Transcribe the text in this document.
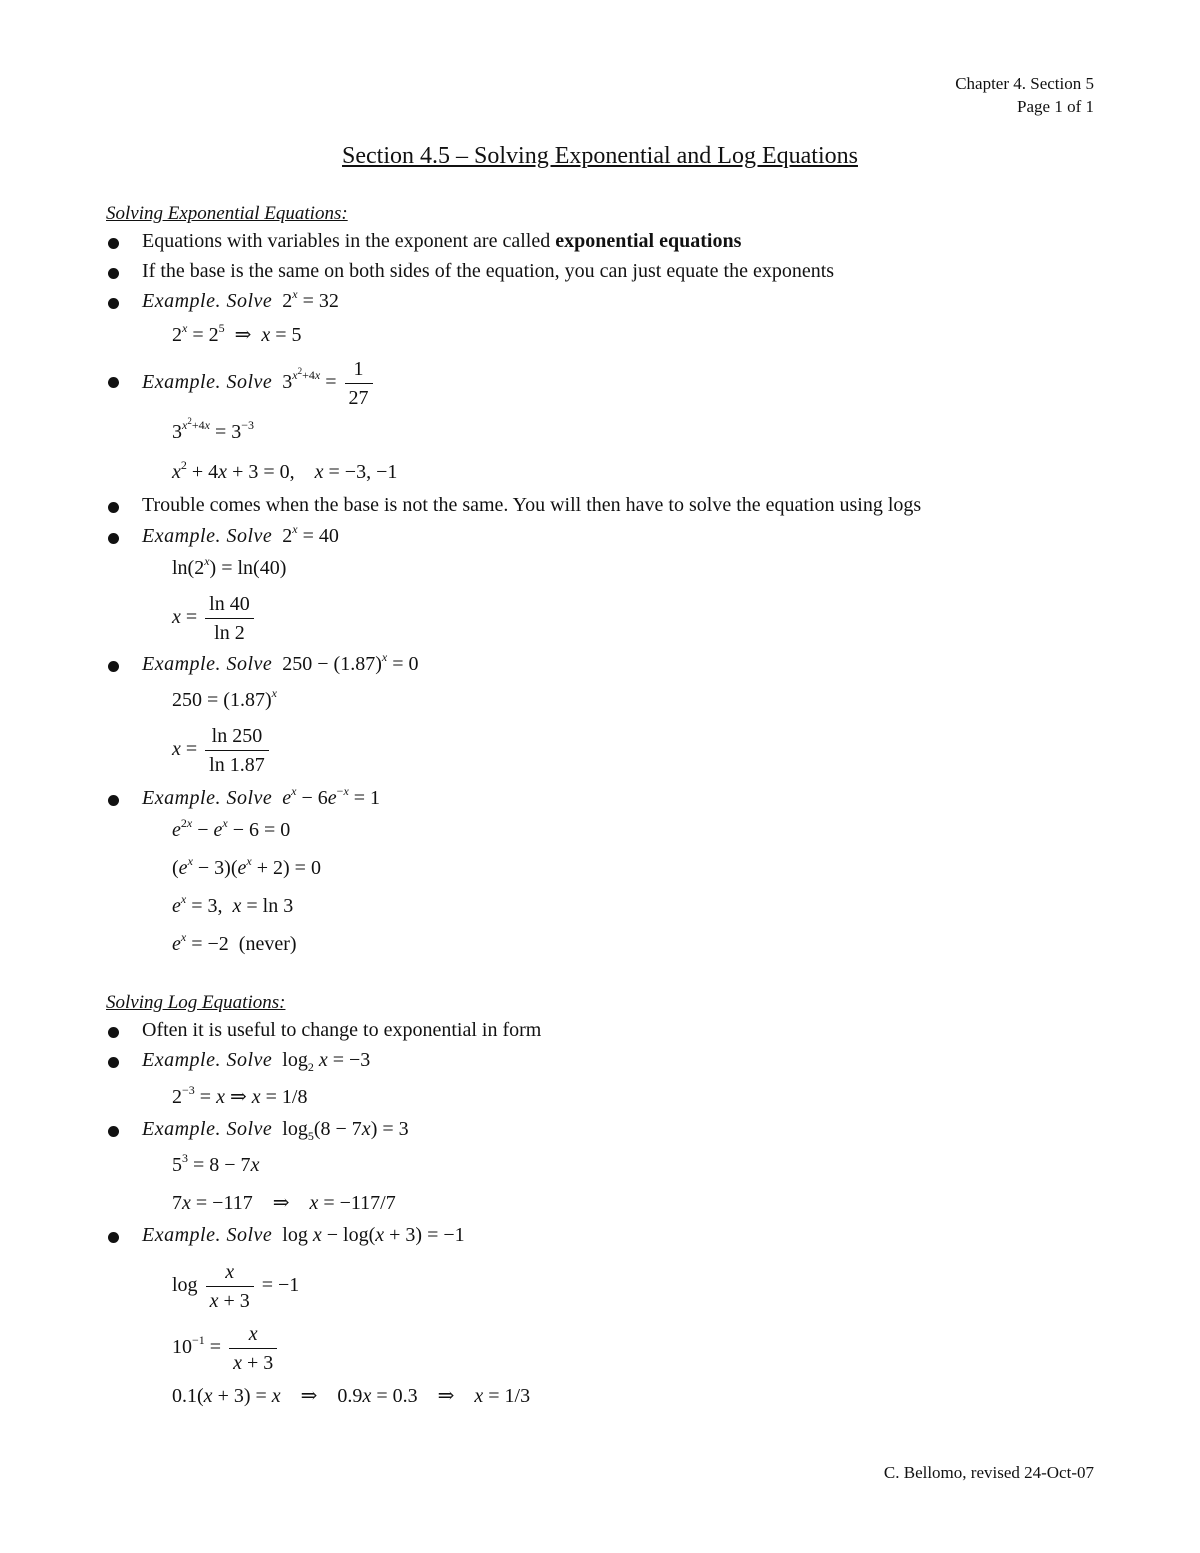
Chapter 4. Section 5
Page 1 of 1
Section 4.5 – Solving Exponential and Log Equations
Solving Exponential Equations:
Equations with variables in the exponent are called exponential equations
If the base is the same on both sides of the equation, you can just equate the exponents
Example. Solve  $2^x = 32$
$2^x = 2^5$  ⇒  x = 5
Example. Solve  $3^{x^2+4x} = \frac{1}{27}$
$3^{x^2+4x} = 3^{-3}$
$x^2 + 4x + 3 = 0$,    x = −3, −1
Trouble comes when the base is not the same. You will then have to solve the equation using logs
Example. Solve  $2^x = 40$
$\ln(2^x) = \ln(40)$
$x = \frac{\ln 40}{\ln 2}$
Example. Solve  $250 - (1.87)^x = 0$
$250 = (1.87)^x$
$x = \frac{\ln 250}{\ln 1.87}$
Example. Solve $e^x - 6e^{-x} = 1$
$e^{2x} - e^x - 6 = 0$
$(e^x - 3)(e^x + 2) = 0$
$e^x = 3$,  x = ln 3
$e^x = -2$  (never)
Solving Log Equations:
Often it is useful to change to exponential in form
Example. Solve  $\log_2 x = -3$
$2^{-3} = x$ ⇒ x = 1/8
Example. Solve  $\log_5(8 - 7x) = 3$
$5^3 = 8 - 7x$
7x = −117    ⇒    x = −117/7
Example. Solve  log x − log(x + 3) = −1
$\log \frac{x}{x + 3} = -1$
$10^{-1} = \frac{x}{x + 3}$
0.1(x + 3) = x    ⇒    0.9x = 0.3    ⇒    x = 1/3
C. Bellomo, revised 24-Oct-07
